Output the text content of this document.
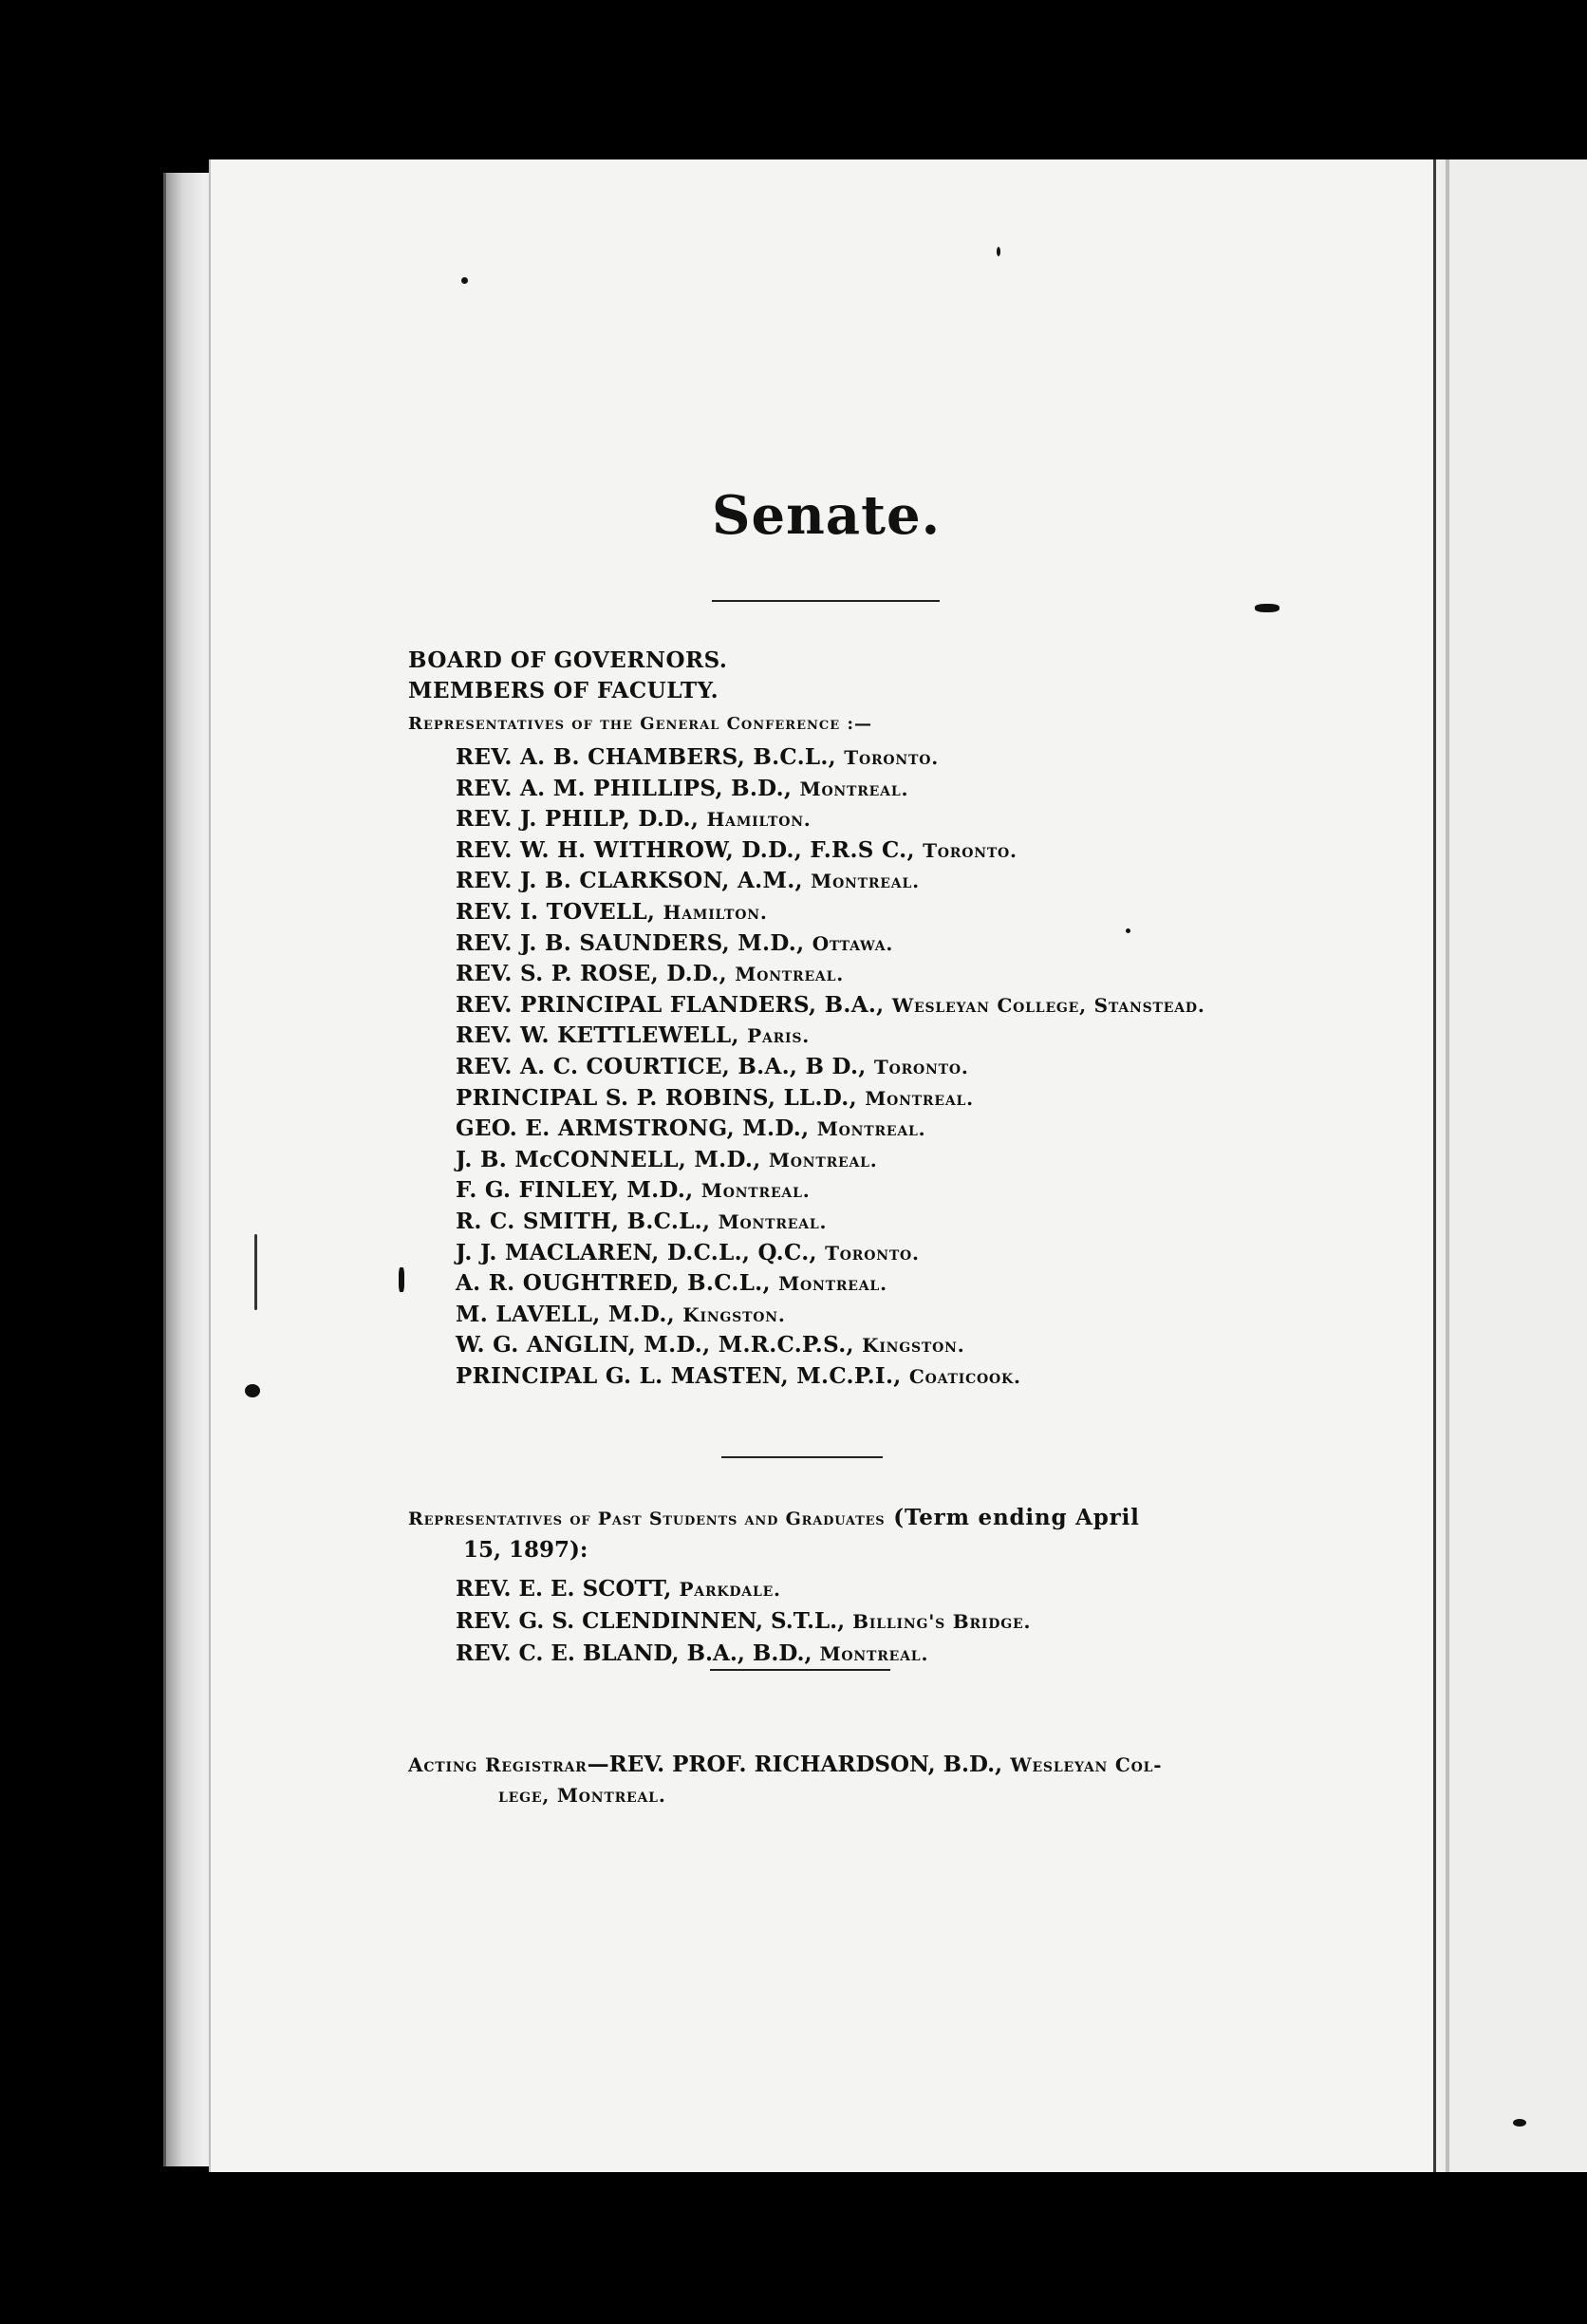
Senate.
BOARD OF GOVERNORS.
MEMBERS OF FACULTY.
Representatives of the General Conference :—
REV. A. B. CHAMBERS, B.C.L., Toronto.
REV. A. M. PHILLIPS, B.D., Montreal.
REV. J. PHILP, D.D., Hamilton.
REV. W. H. WITHROW, D.D., F.R.S C., Toronto.
REV. J. B. CLARKSON, A.M., Montreal.
REV. I. TOVELL, Hamilton.
REV. J. B. SAUNDERS, M.D., Ottawa.
REV. S. P. ROSE, D.D., Montreal.
REV. PRINCIPAL FLANDERS, B.A., Wesleyan College, Stanstead.
REV. W. KETTLEWELL, Paris.
REV. A. C. COURTICE, B.A., B D., Toronto.
PRINCIPAL S. P. ROBINS, LL.D., Montreal.
GEO. E. ARMSTRONG, M.D., Montreal.
J. B. McCONNELL, M.D., Montreal.
F. G. FINLEY, M.D., Montreal.
R. C. SMITH, B.C.L., Montreal.
J. J. MACLAREN, D.C.L., Q.C., Toronto.
A. R. OUGHTRED, B.C.L., Montreal.
M. LAVELL, M.D., Kingston.
W. G. ANGLIN, M.D., M.R.C.P.S., Kingston.
PRINCIPAL G. L. MASTEN, M.C.P.I., Coaticook.
Representatives of Past Students and Graduates (Term ending April
15, 1897):
REV. E. E. SCOTT, Parkdale.
REV. G. S. CLENDINNEN, S.T.L., Billing's Bridge.
REV. C. E. BLAND, B.A., B.D., Montreal.
Acting Registrar—REV. PROF. RICHARDSON, B.D., Wesleyan Col-
lege, Montreal.
